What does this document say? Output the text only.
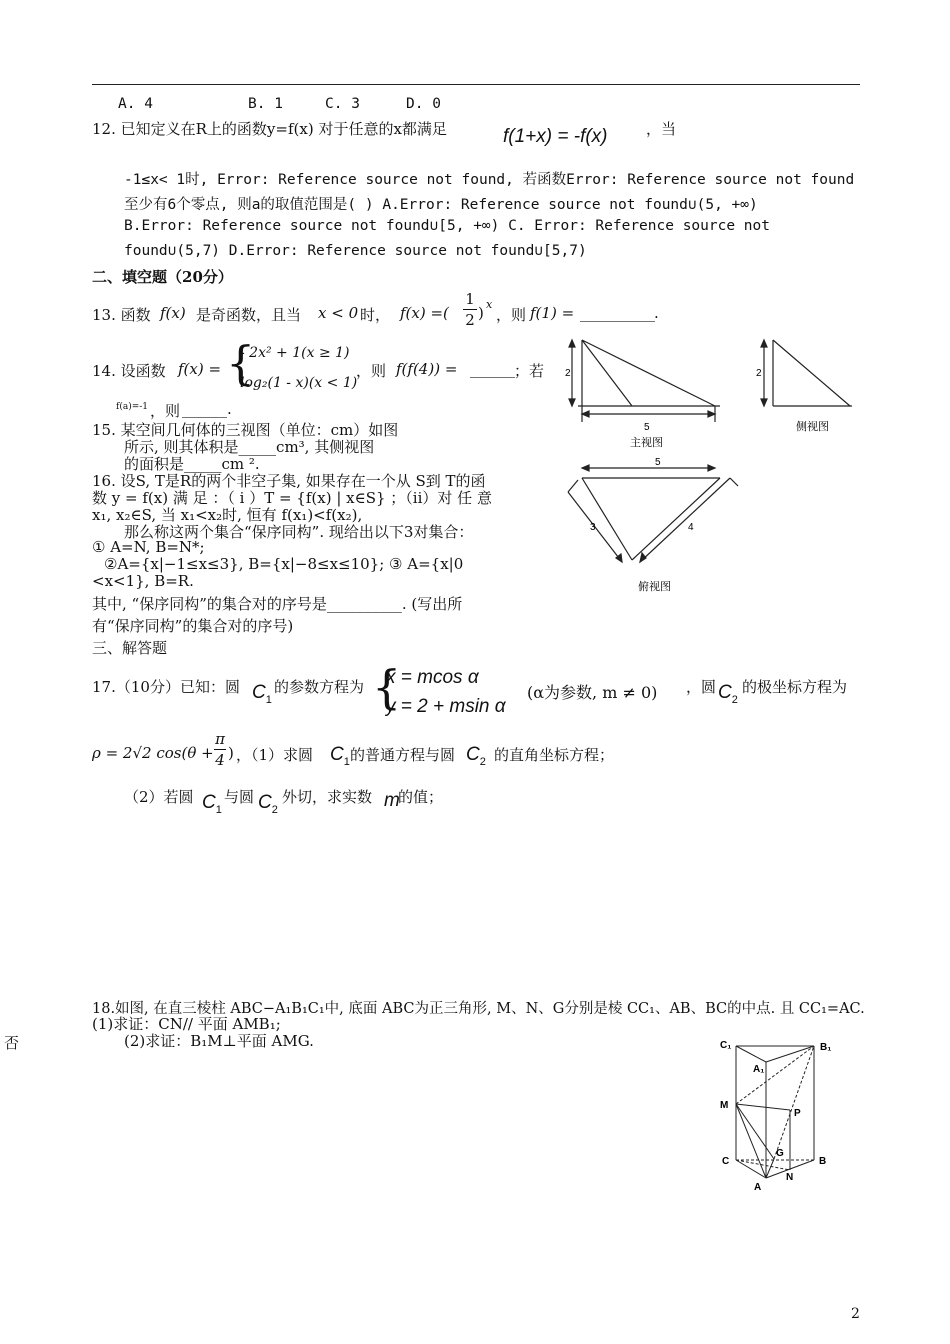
A. 4	B. 1	C. 3	D. 0
12. 已知定义在R上的函数y=f(x) 对于任意的x都满足	f(1+x) = -f(x)	，当
-1≤x< 1时, Error: Reference source not found, 若函数Error: Reference source not found
至少有6个零点, 则a的取值范围是( ) A.Error: Reference source not found∪(5, +∞)
B.Error: Reference source not found∪[5, +∞) C. Error: Reference source not
found∪(5,7) D.Error: Reference source not found∪[5,7)
二、填空题（20分）
13. 函数 f(x) 是奇函数，且当 x < 0 时， f(x) =(
1
2 ) x
，则 f(1) = __________ .
14. 设函数 f(x) = {
- 2x² + 1(x ≥ 1)
log₂(1 - x)(x < 1)
，则 f(f(4)) = ______ ；若
f(a)=-1 ，则 ______.
15. 某空间几何体的三视图（单位：cm）如图
所示, 则其体积是_____cm³, 其侧视图
的面积是_____cm ².
16. 设S, T是R的两个非空子集, 如果存在一个从 S到 T的函
数 y = f(x) 满 足 ：（ i ）T = {f(x) | x∈S} ；（ii）对 任 意
x₁, x₂∈S, 当 x₁<x₂时, 恒有 f(x₁)<f(x₂),
那么称这两个集合“保序同构”. 现给出以下3对集合：
① A=N, B=N*;
②A={x|−1≤x≤3}, B={x|−8≤x≤10}; ③ A={x|0
<x<1}, B=R.
其中, “保序同构”的集合对的序号是__________. (写出所
有“保序同构”的集合对的序号)
三、解答题
17.（10分）已知：圆 $C_1$
的参数方程为 {
x = mcos α
y = 2 + msin α
(α为参数, m ≠ 0) ，圆 $C_2$
的极坐标方程为
ρ = 2√2 cos(θ +
π
4 ) ，（1）求圆 $C_1$ 的普通方程与圆 $C_2$ 的直角坐标方程；
（2）若圆 $C_1$
与圆 $C_2$
外切，求实数 m
的值；
18.如图, 在直三棱柱 ABC−A₁B₁C₁中, 底面 ABC为正三角形, M、N、G分别是棱 CC₁、AB、BC的中点. 且 CC₁=AC.
(1)求证：CN// 平面 AMB₁;
(2)求证：B₁M⊥平面 AMG.
否
2
5
主视图
2
侧视图
5
3	4
俯视图
C₁	B₁
A₁
M
P
C
G
B
A
N
2
